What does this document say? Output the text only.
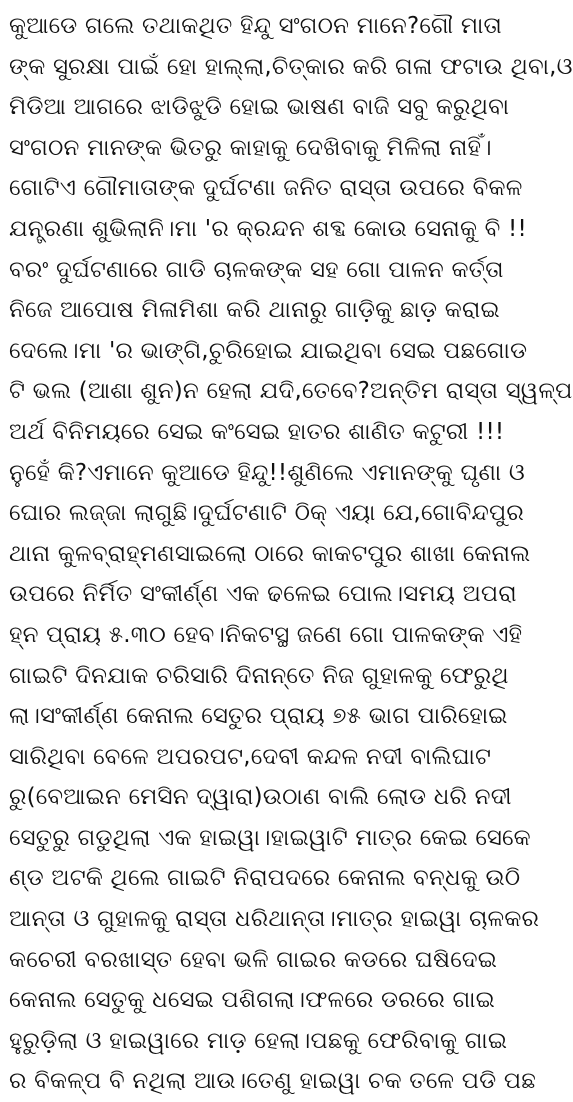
କୁଆଡେ ଗଲେ ତଥାକଥିତ ହିନ୍ଦୁ ସଂଗଠନ ମାନେ?ଗୌ ମାତା
ଙ୍କ ସୁରକ୍ଷା ପାଇଁ ହୋ ହାଲ୍ଲା,ଚିତ୍କାର କରି ଗଳା ଫଟାଉ ଥିବା,ଓ
ମିଡିଆ ଆଗରେ ଝାଡିଝୁଡି ହୋଇ ଭାଷଣ ବାଜି ସବୁ କରୁଥିବା
ସଂଗଠନ ମାନଙ୍କ ଭିତରୁ କାହାକୁ ଦେଖିବାକୁ ମିଳିଲା ନାହିଁ।
ଗୋଟିଏ ଗୌମାତାଙ୍କ ଦୁର୍ଘଟଣା ଜନିତ ରାସ୍ତା ଉପରେ ବିକଳ
ଯନ୍ତ୍ରଣା ଶୁଭିଲାନି।ମା 'ର କ୍ରନ୍ଦନ ଶବ୍ଦ କୋଉ ସେନାକୁ ବି !!
ବରଂ ଦୁର୍ଘଟଣାରେ ଗାଡି ଚାଳକଙ୍କ ସହ ଗୋ ପାଳନ କର୍ତ୍ତା
ନିଜେ ଆପୋଷ ମିଳାମିଶା କରି ଥାନାରୁ ଗାଡ଼ିକୁ ଛାଡ଼ କରାଇ
ଦେଲେ।ମା 'ର ଭାଙ୍ଗି,ଚୁରିହୋଇ ଯାଇଥିବା ସେଇ ପଛଗୋଡ
ଟି ଭଲ (ଆଶା ଶୁନ)ନ ହେଲା ଯଦି,ତେବେ?ଅନ୍ତିମ ରାସ୍ତା ସ୍ୱଳ୍ପ
ଅର୍ଥ ବିନିମୟରେ ସେଇ କଂସେଇ ହାତର ଶାଣିତ କଟୁରୀ !!!
ନୁହେଁ କି?ଏମାନେ କୁଆଡେ ହିନ୍ଦୁ!!ଶୁଣିଲେ ଏମାନଙ୍କୁ ଘୃଣା ଓ
ଘୋର ଲଜ୍ଜା ଲାଗୁଛି।ଦୁର୍ଘଟଣାଟି ଠିକ୍ ଏୟା ଯେ,ଗୋବିନ୍ଦପୁର
ଥାନା କୁଳବ୍ରାହ୍ମଣସାଇଲୋ ଠାରେ କାକଟପୁର ଶାଖା କେନାଲ
ଉପରେ ନିର୍ମିତ ସଂକୀର୍ଣ୍ଣ ଏକ ଢଳେଇ ପୋଲ।ସମୟ ଅପରା
ହ୍ନ ପ୍ରାୟ ୫.୩୦ ହେବ।ନିକଟସ୍ଥ ଜଣେ ଗୋ ପାଳକଙ୍କ ଏହି
ଗାଇଟି ଦିନଯାକ ଚରିସାରି ଦିନାନ୍ତେ ନିଜ ଗୁହାଳକୁ ଫେରୁଥି
ଲା।ସଂକୀର୍ଣ୍ଣ କେନାଲ ସେତୁର ପ୍ରାୟ ୭୫ ଭାଗ ପାରିହୋଇ
ସାରିଥିବା ବେଳେ ଅପରପଟ,ଦେବୀ କନ୍ଦଳ ନଦୀ ବାଲିଘାଟ
ରୁ(ବେଆଇନ ମେସିନ ଦ୍ୱାରା)ଉଠାଣ ବାଲି ଲୋଡ ଧରି ନଦୀ
ସେତୁରୁ ଗଡୁଥିଲା ଏକ ହାଇୱା।ହାଇୱାଟି ମାତ୍ର କେଇ ସେକେ
ଣ୍ଡ ଅଟକି ଥିଲେ ଗାଇଟି ନିରାପଦରେ କେନାଲ ବନ୍ଧକୁ ଉଠି
ଆନ୍ତା ଓ ଗୁହାଳକୁ ରାସ୍ତା ଧରିଥାନ୍ତା।ମାତ୍ର ହାଇୱା ଚାଳକର
କଚେରୀ ବରଖାସ୍ତ ହେବା ଭଳି ଗାଇର କଡରେ ଘଷିଦେଇ
କେନାଲ ସେତୁକୁ ଧସେଇ ପଶିଗଲା।ଫଳରେ ଡରରେ ଗାଇ
ହୁରୁଡ଼ିଲା ଓ ହାଇୱାରେ ମାଡ଼ ହେଲା।ପଛକୁ ଫେରିବାକୁ ଗାଇ
ର ବିକଳ୍ପ ବି ନଥିଲା ଆଉ।ତେଣୁ ହାଇୱା ଚକ ତଳେ ପଡି ପଛ
